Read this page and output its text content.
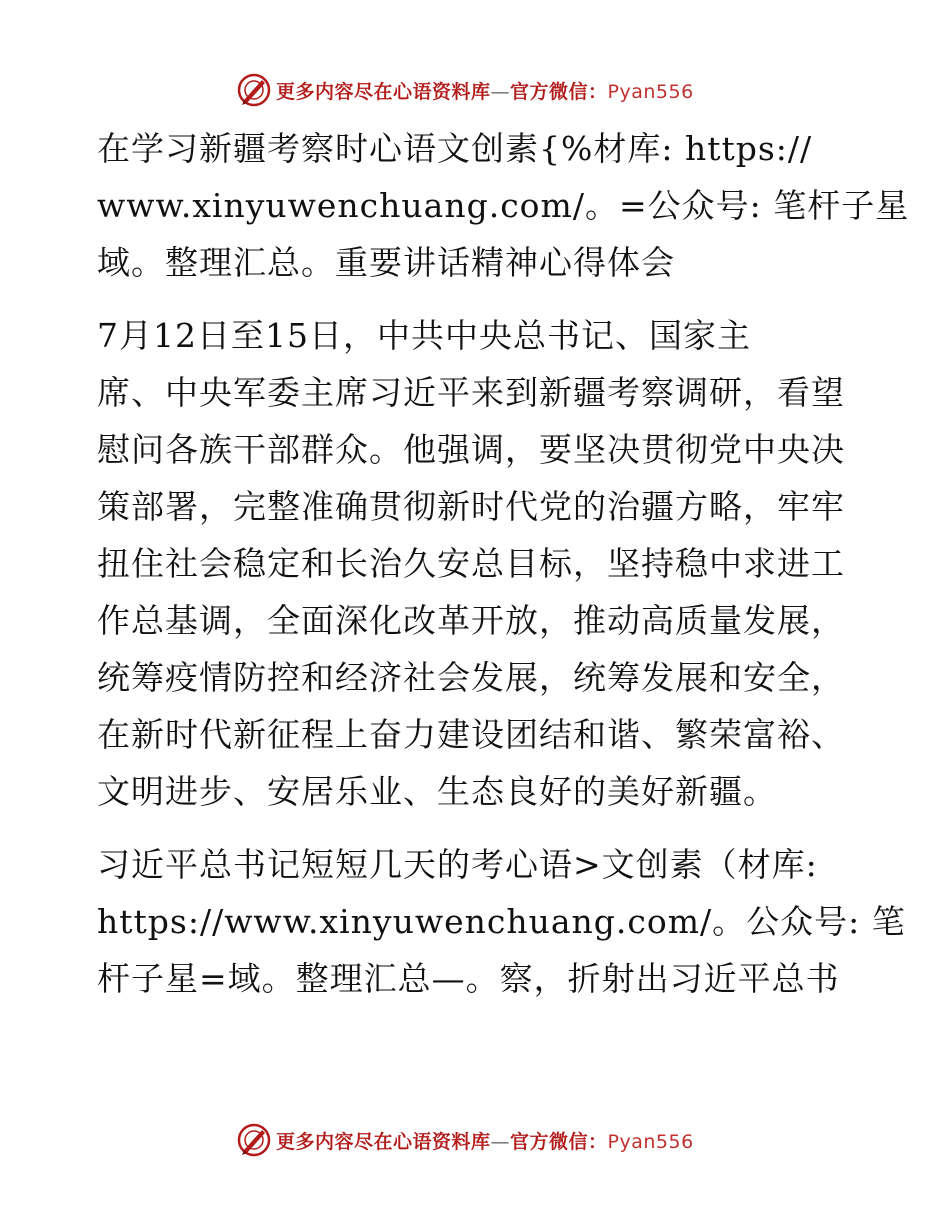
更多内容尽在心语资料库—官方微信：Pyan556

在学习新疆考察时心语文创素{%材库: https://
www.xinyuwenchuang.com/。=公众号: 笔杆子星
域。整理汇总。重要讲话精神心得体会

7月12日至15日，中共中央总书记、国家主
席、中央军委主席习近平来到新疆考察调研，看望
慰问各族干部群众。他强调，要坚决贯彻党中央决
策部署，完整准确贯彻新时代党的治疆方略，牢牢
扭住社会稳定和长治久安总目标，坚持稳中求进工
作总基调，全面深化改革开放，推动高质量发展，
统筹疫情防控和经济社会发展，统筹发展和安全，
在新时代新征程上奋力建设团结和谐、繁荣富裕、
文明进步、安居乐业、生态良好的美好新疆。

习近平总书记短短几天的考心语>文创素（材库:
https://www.xinyuwenchuang.com/。公众号: 笔
杆子星=域。整理汇总—。察，折射出习近平总书

更多内容尽在心语资料库—官方微信：Pyan556
